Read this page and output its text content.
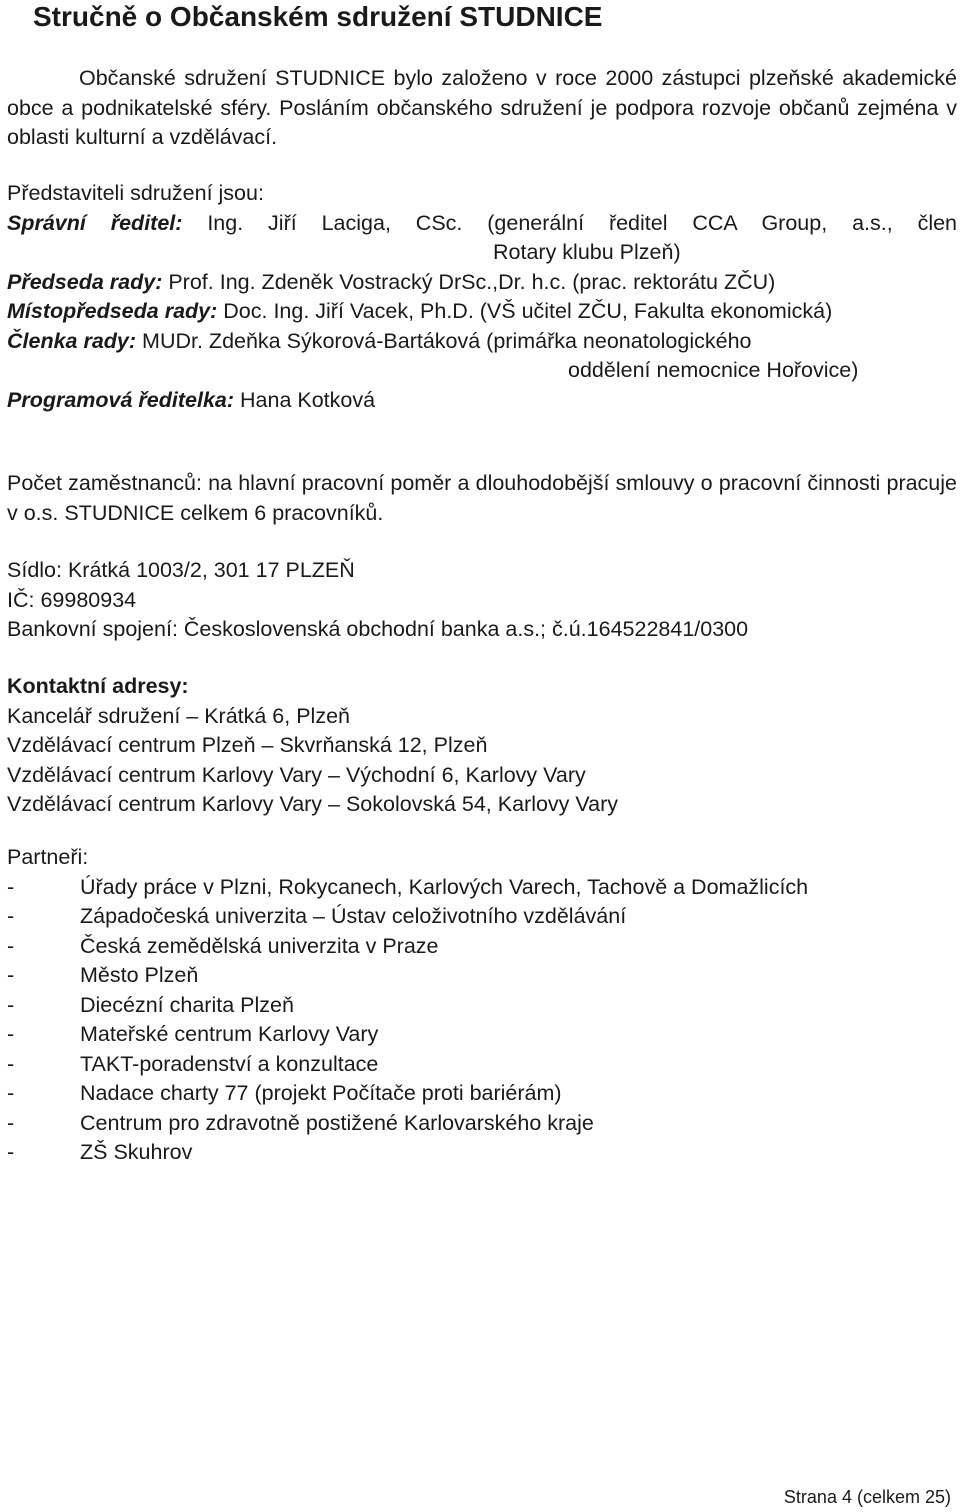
Stručně o Občanském sdružení STUDNICE
Občanské sdružení STUDNICE bylo založeno v roce 2000 zástupci plzeňské akademické obce a podnikatelské sféry. Posláním občanského sdružení je podpora rozvoje občanů zejména v oblasti kulturní a vzdělávací.
Představiteli sdružení jsou:
Správní ředitel: Ing. Jiří Laciga, CSc. (generální ředitel CCA Group, a.s., člen
Rotary klubu Plzeň)
Předseda rady: Prof. Ing. Zdeněk Vostracký DrSc.,Dr. h.c. (prac. rektorátu ZČU)
Místopředseda rady: Doc. Ing. Jiří Vacek, Ph.D. (VŠ učitel ZČU, Fakulta ekonomická)
Členka rady: MUDr. Zdeňka Sýkorová-Bartáková (primářka neonatologického
oddělení nemocnice Hořovice)
Programová ředitelka: Hana Kotková
Počet zaměstnanců: na hlavní pracovní poměr a dlouhodobější smlouvy o pracovní činnosti pracuje v o.s. STUDNICE celkem 6 pracovníků.
Sídlo: Krátká 1003/2, 301 17 PLZEŇ
IČ: 69980934
Bankovní spojení: Československá obchodní banka a.s.; č.ú.164522841/0300
Kontaktní adresy:
Kancelář sdružení – Krátká 6, Plzeň
Vzdělávací centrum Plzeň – Skvrňanská 12, Plzeň
Vzdělávací centrum Karlovy Vary – Východní 6, Karlovy Vary
Vzdělávací centrum Karlovy Vary – Sokolovská 54, Karlovy Vary
Partneři:
-	Úřady práce v Plzni, Rokycanech, Karlových Varech, Tachově a Domažlicích
-	Západočeská univerzita – Ústav celoživotního vzdělávání
-	Česká zemědělská univerzita v Praze
-	Město Plzeň
-	Diecézní charita Plzeň
-	Mateřské centrum Karlovy Vary
-	TAKT-poradenství a konzultace
-	Nadace charty 77 (projekt Počítače proti bariérám)
-	Centrum pro zdravotně postižené Karlovarského kraje
-	ZŠ Skuhrov
Strana 4 (celkem 25)
